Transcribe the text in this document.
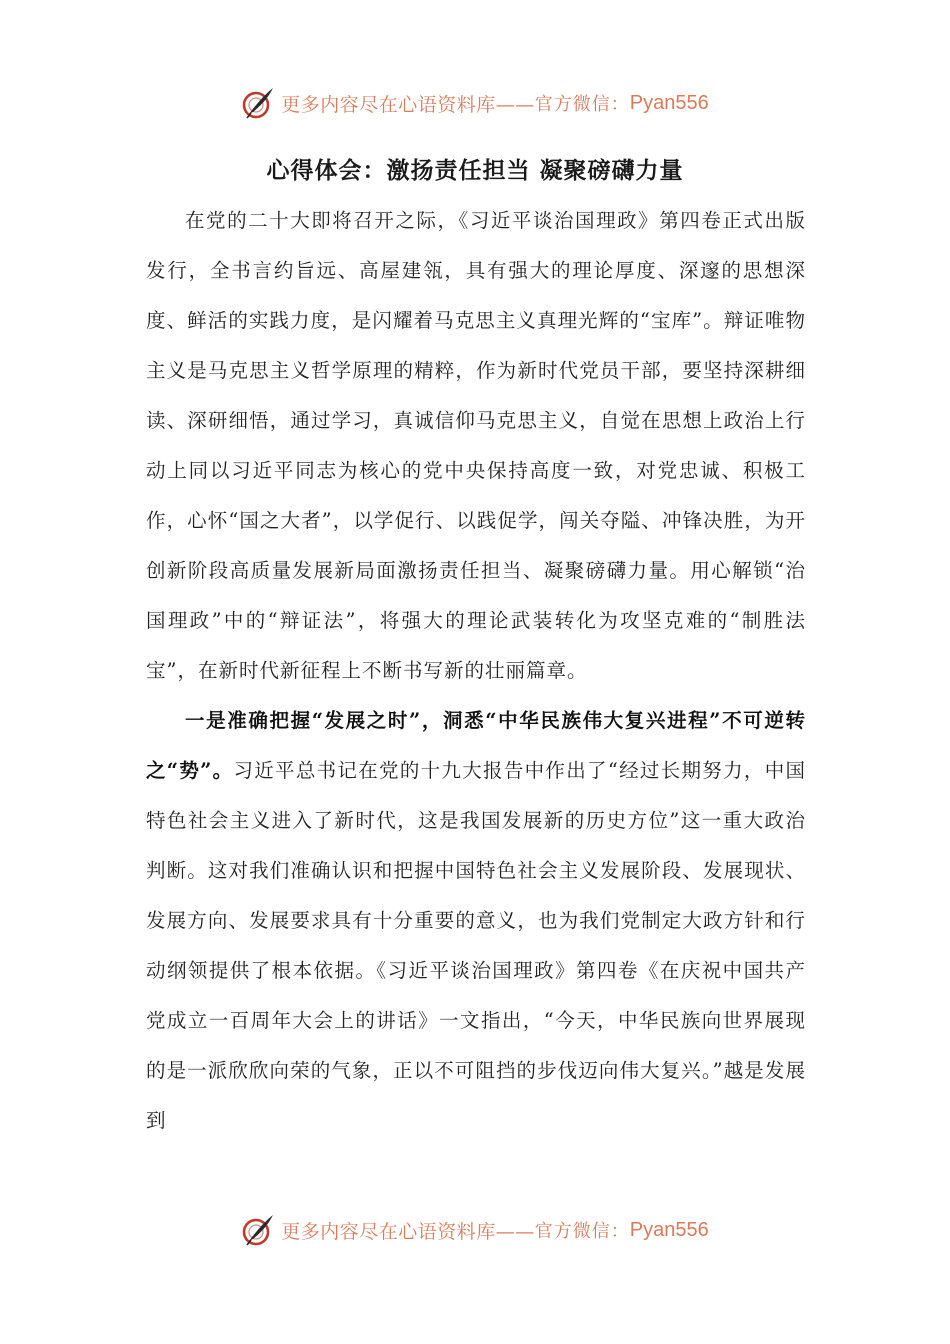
更多内容尽在心语资料库—— 官方微信： Pyan556
心得体会：激扬责任担当 凝聚磅礴力量

在党的二十大即将召开之际，《习近平谈治国理政》第四卷正式出版发行，全书言约旨远、高屋建瓴，具有强大的理论厚度、深邃的思想深度、鲜活的实践力度，是闪耀着马克思主义真理光辉的“宝库”。辩证唯物主义是马克思主义哲学原理的精粹，作为新时代党员干部，要坚持深耕细读、深研细悟，通过学习，真诚信仰马克思主义，自觉在思想上政治上行动上同以习近平同志为核心的党中央保持高度一致，对党忠诚、积极工作，心怀“国之大者”，以学促行、以践促学，闯关夺隘、冲锋决胜，为开创新阶段高质量发展新局面激扬责任担当、凝聚磅礴力量。用心解锁“治国理政”中的“辩证法”，将强大的理论武装转化为攻坚克难的“制胜法宝”，在新时代新征程上不断书写新的壮丽篇章。

一是准确把握“发展之时”，洞悉“中华民族伟大复兴进程”不可逆转之“势”。习近平总书记在党的十九大报告中作出了“经过长期努力，中国特色社会主义进入了新时代，这是我国发展新的历史方位”这一重大政治判断。这对我们准确认识和把握中国特色社会主义发展阶段、发展现状、发展方向、发展要求具有十分重要的意义，也为我们党制定大政方针和行动纲领提供了根本依据。《习近平谈治国理政》第四卷《在庆祝中国共产党成立一百周年大会上的讲话》一文指出，“今天，中华民族向世界展现的是一派欣欣向荣的气象，正以不可阻挡的步伐迈向伟大复兴。”越是发展到

更多内容尽在心语资料库—— 官方微信： Pyan556
